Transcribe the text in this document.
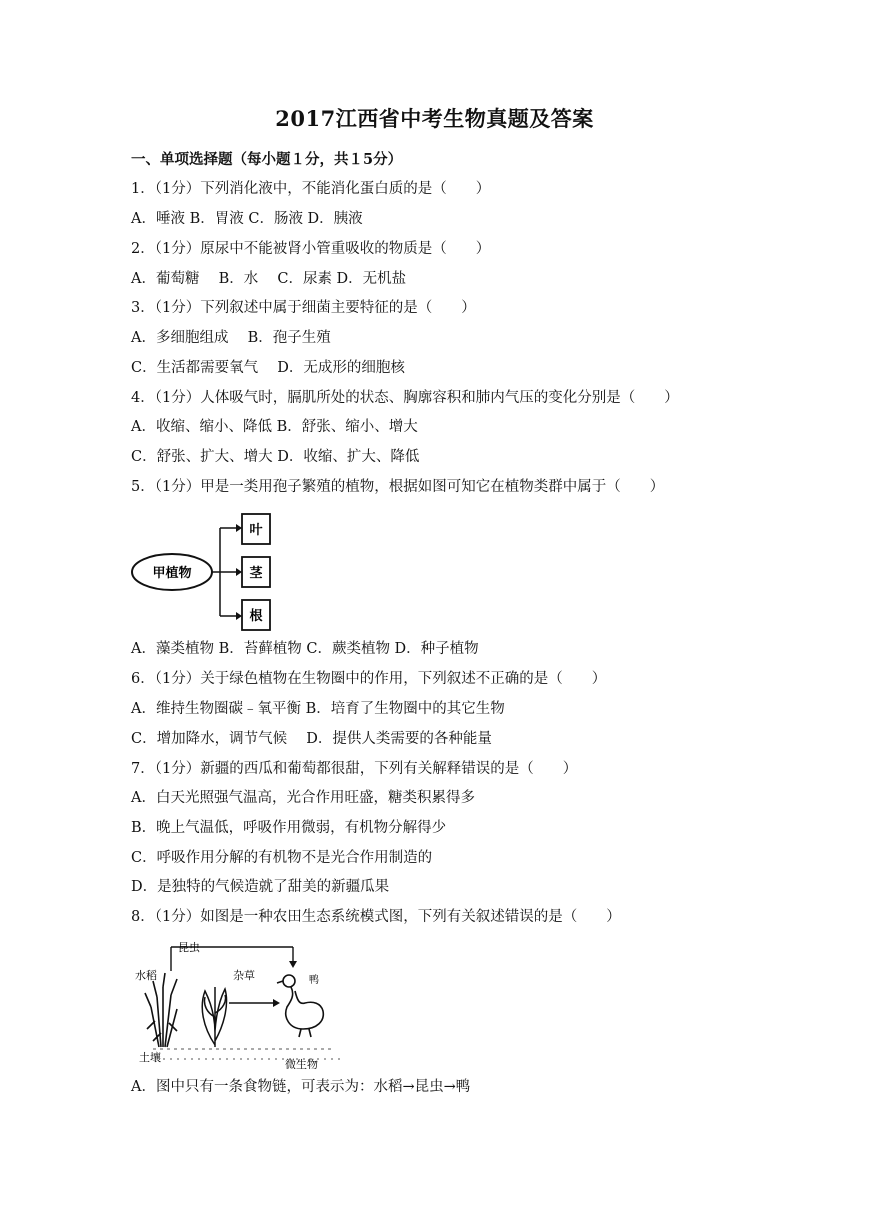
2017江西省中考生物真题及答案
一、单项选择题（每小题１分，共１5分）
1．（1分）下列消化液中，不能消化蛋白质的是（　　）
A．唾液 B．胃液 C．肠液 D．胰液
2．（1分）原尿中不能被肾小管重吸收的物质是（　　）
A．葡萄糖　 B．水　 C．尿素 D．无机盐
3．（1分）下列叙述中属于细菌主要特征的是（　　）
A．多细胞组成　 B．孢子生殖
C．生活都需要氧气　 D．无成形的细胞核
4．（1分）人体吸气时，膈肌所处的状态、胸廓容积和肺内气压的变化分别是（　　）
A．收缩、缩小、降低 B．舒张、缩小、增大
C．舒张、扩大、增大 D．收缩、扩大、降低
5．（1分）甲是一类用孢子繁殖的植物，根据如图可知它在植物类群中属于（　　）
甲植物
叶
茎
根
A．藻类植物 B．苔藓植物 C．蕨类植物 D．种子植物
6．（1分）关于绿色植物在生物圈中的作用，下列叙述不正确的是（　　）
A．维持生物圈碳﹣氧平衡 B．培育了生物圈中的其它生物
C．增加降水，调节气候　 D．提供人类需要的各种能量
7．（1分）新疆的西瓜和葡萄都很甜，下列有关解释错误的是（　　）
A．白天光照强气温高，光合作用旺盛，糖类积累得多
B．晚上气温低，呼吸作用微弱，有机物分解得少
C．呼吸作用分解的有机物不是光合作用制造的
D．是独特的气候造就了甜美的新疆瓜果
8．（1分）如图是一种农田生态系统模式图，下列有关叙述错误的是（　　）
昆虫
水稻	杂草	鸭
土壤
微生物
A．图中只有一条食物链，可表示为：水稻→昆虫→鸭
